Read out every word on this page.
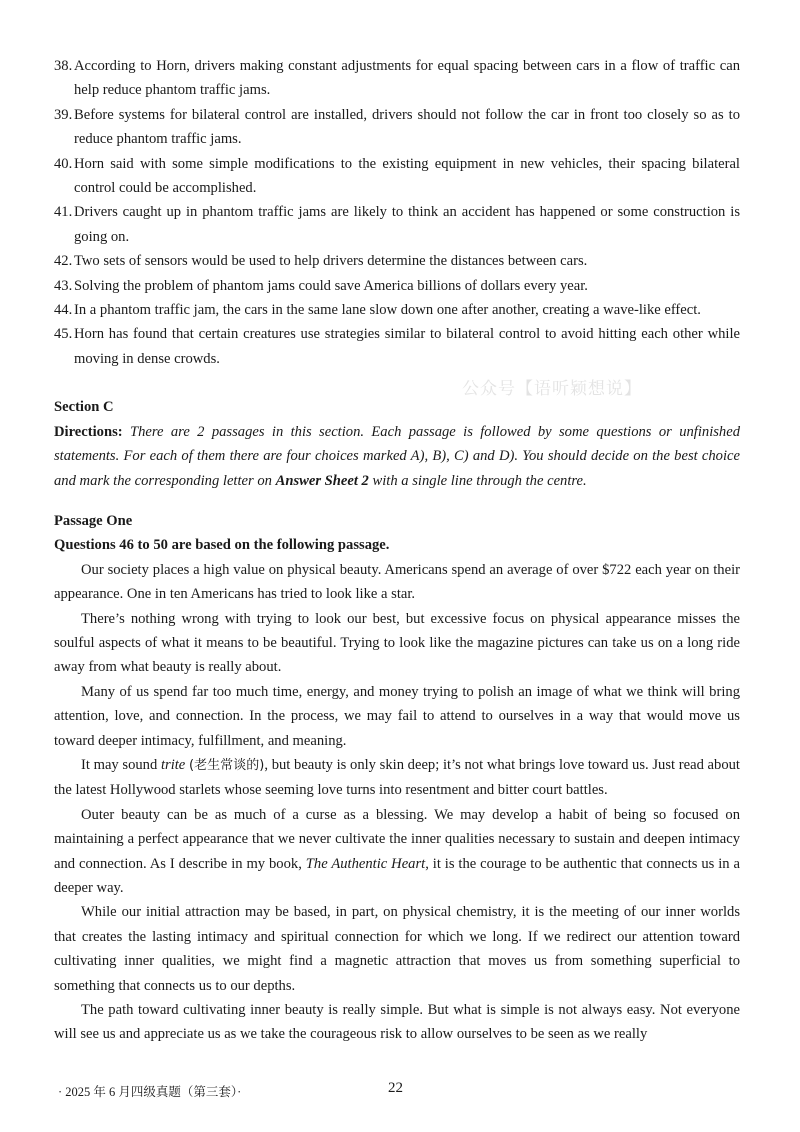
公众号【语听颖想说】
38. According to Horn, drivers making constant adjustments for equal spacing between cars in a flow of traffic can help reduce phantom traffic jams.
39. Before systems for bilateral control are installed, drivers should not follow the car in front too closely so as to reduce phantom traffic jams.
40. Horn said with some simple modifications to the existing equipment in new vehicles, their spacing bilateral control could be accomplished.
41. Drivers caught up in phantom traffic jams are likely to think an accident has happened or some construction is going on.
42. Two sets of sensors would be used to help drivers determine the distances between cars.
43. Solving the problem of phantom jams could save America billions of dollars every year.
44. In a phantom traffic jam, the cars in the same lane slow down one after another, creating a wave-like effect.
45. Horn has found that certain creatures use strategies similar to bilateral control to avoid hitting each other while moving in dense crowds.
Section C
Directions: There are 2 passages in this section. Each passage is followed by some questions or unfinished statements. For each of them there are four choices marked A), B), C) and D). You should decide on the best choice and mark the corresponding letter on Answer Sheet 2 with a single line through the centre.
Passage One
Questions 46 to 50 are based on the following passage.
Our society places a high value on physical beauty. Americans spend an average of over $722 each year on their appearance. One in ten Americans has tried to look like a star.
There’s nothing wrong with trying to look our best, but excessive focus on physical appearance misses the soulful aspects of what it means to be beautiful. Trying to look like the magazine pictures can take us on a long ride away from what beauty is really about.
Many of us spend far too much time, energy, and money trying to polish an image of what we think will bring attention, love, and connection. In the process, we may fail to attend to ourselves in a way that would move us toward deeper intimacy, fulfillment, and meaning.
It may sound trite (老生常谈的), but beauty is only skin deep; it’s not what brings love toward us. Just read about the latest Hollywood starlets whose seeming love turns into resentment and bitter court battles.
Outer beauty can be as much of a curse as a blessing. We may develop a habit of being so focused on maintaining a perfect appearance that we never cultivate the inner qualities necessary to sustain and deepen intimacy and connection. As I describe in my book, The Authentic Heart, it is the courage to be authentic that connects us in a deeper way.
While our initial attraction may be based, in part, on physical chemistry, it is the meeting of our inner worlds that creates the lasting intimacy and spiritual connection for which we long. If we redirect our attention toward cultivating inner qualities, we might find a magnetic attraction that moves us from something superficial to something that connects us to our depths.
The path toward cultivating inner beauty is really simple. But what is simple is not always easy. Not everyone will see us and appreciate us as we take the courageous risk to allow ourselves to be seen as we really
· 2025 年 6 月四级真题（第三套）·	22
